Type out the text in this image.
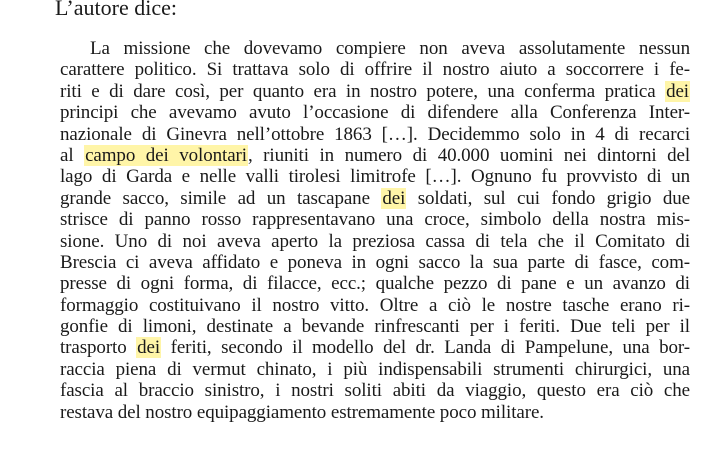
L’autore dice:
La missione che dovevamo compiere non aveva assolutamente nessun
carattere politico. Si trattava solo di offrire il nostro aiuto a soccorrere i fe-
riti e di dare così, per quanto era in nostro potere, una conferma pratica dei
principi che avevamo avuto l’occasione di difendere alla Conferenza Inter-
nazionale di Ginevra nell’ottobre 1863 […]. Decidemmo solo in 4 di recarci
al campo dei volontari, riuniti in numero di 40.000 uomini nei dintorni del
lago di Garda e nelle valli tirolesi limitrofe […]. Ognuno fu provvisto di un
grande sacco, simile ad un tascapane dei soldati, sul cui fondo grigio due
strisce di panno rosso rappresentavano una croce, simbolo della nostra mis-
sione. Uno di noi aveva aperto la preziosa cassa di tela che il Comitato di
Brescia ci aveva affidato e poneva in ogni sacco la sua parte di fasce, com-
presse di ogni forma, di filacce, ecc.; qualche pezzo di pane e un avanzo di
formaggio costituivano il nostro vitto. Oltre a ciò le nostre tasche erano ri-
gonfie di limoni, destinate a bevande rinfrescanti per i feriti. Due teli per il
trasporto dei feriti, secondo il modello del dr. Landa di Pampelune, una bor-
raccia piena di vermut chinato, i più indispensabili strumenti chirurgici, una
fascia al braccio sinistro, i nostri soliti abiti da viaggio, questo era ciò che
restava del nostro equipaggiamento estremamente poco militare.
